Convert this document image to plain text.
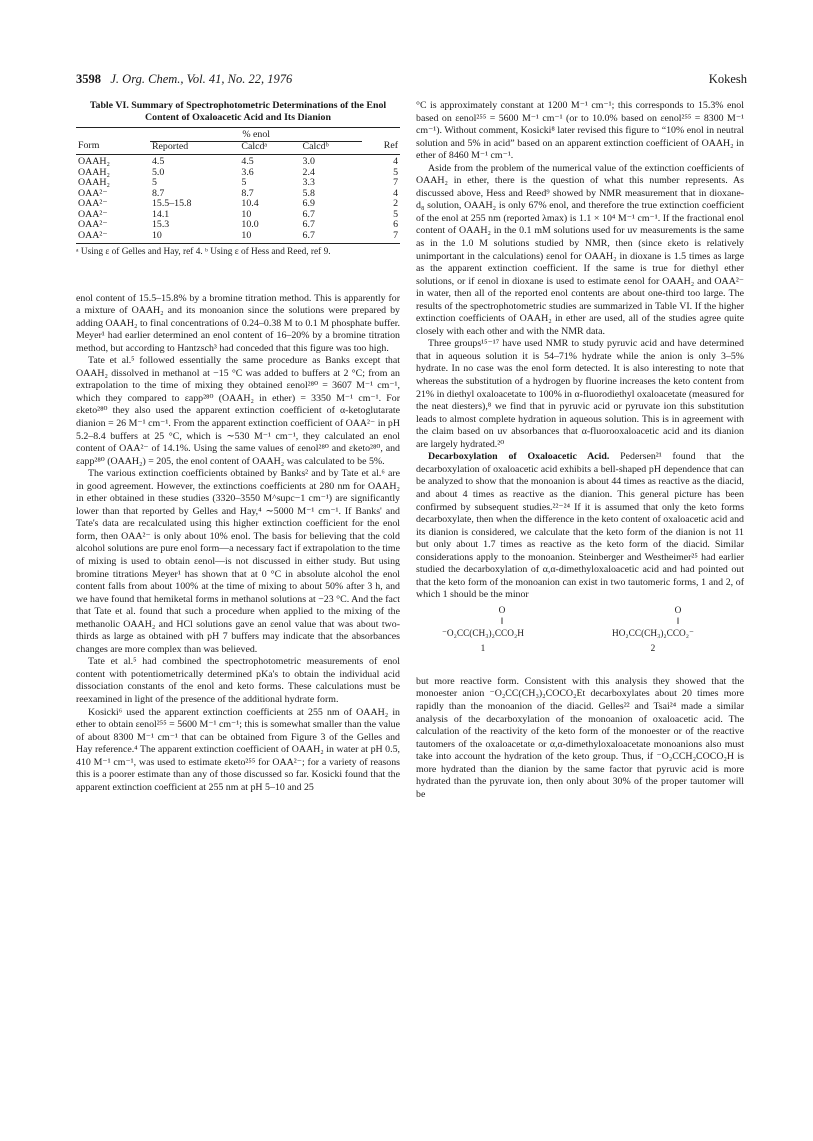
3598 J. Org. Chem., Vol. 41, No. 22, 1976	Kokesh
Table VI. Summary of Spectrophotometric Determinations of the Enol Content of Oxaloacetic Acid and Its Dianion
	% enol			
Form	Reported	Calcdᵃ	Calcdᵇ	Ref
OAAH₂	4.5	4.5	3.0	4
OAAH₂	5.0	3.6	2.4	5
OAAH₂	5	5	3.3	7
OAA²⁻	8.7	8.7	5.8	4
OAA²⁻	15.5–15.8	10.4	6.9	2
OAA²⁻	14.1	10	6.7	5
OAA²⁻	15.3	10.0	6.7	6
OAA²⁻	10	10	6.7	7
ᵃ Using ε of Gelles and Hay, ref 4. ᵇ Using ε of Hess and Reed, ref 9.

enol content of 15.5–15.8% by a bromine titration method. This is apparently for a mixture of OAAH₂ and its monoanion since the solutions were prepared by adding OAAH₂ to final concentrations of 0.24–0.38 M to 0.1 M phosphate buffer. Meyer¹ had earlier determined an enol content of 16–20% by a bromine titration method, but according to Hantzsch³ had conceded that this figure was too high.

Tate et al.⁵ followed essentially the same procedure as Banks except that OAAH₂ dissolved in methanol at −15 °C was added to buffers at 2 °C; from an extrapolation to the time of mixing they obtained εenol²⁸⁰ = 3607 M⁻¹ cm⁻¹, which they compared to εapp²⁸⁰ (OAAH₂ in ether) = 3350 M⁻¹ cm⁻¹. For εketo²⁸⁰ they also used the apparent extinction coefficient of α-ketoglutarate dianion = 26 M⁻¹ cm⁻¹. From the apparent extinction coefficient of OAA²⁻ in pH 5.2–8.4 buffers at 25 °C, which is ∼530 M⁻¹ cm⁻¹, they calculated an enol content of OAA²⁻ of 14.1%. Using the same values of εenol²⁸⁰ and εketo²⁸⁰, and εapp²⁸⁰ (OAAH₂) = 205, the enol content of OAAH₂ was calculated to be 5%.

The various extinction coefficients obtained by Banks² and by Tate et al.⁶ are in good agreement. However, the extinctions coefficients at 280 nm for OAAH₂ in ether obtained in these studies (3320–3550 M^supc−1 cm⁻¹) are significantly lower than that reported by Gelles and Hay,⁴ ∼5000 M⁻¹ cm⁻¹. If Banks' and Tate's data are recalculated using this higher extinction coefficient for the enol form, then OAA²⁻ is only about 10% enol. The basis for believing that the cold alcohol solutions are pure enol form—a necessary fact if extrapolation to the time of mixing is used to obtain εenol—is not discussed in either study. But using bromine titrations Meyer¹ has shown that at 0 °C in absolute alcohol the enol content falls from about 100% at the time of mixing to about 50% after 3 h, and we have found that hemiketal forms in methanol solutions at −23 °C. And the fact that Tate et al. found that such a procedure when applied to the mixing of the methanolic OAAH₂ and HCl solutions gave an εenol value that was about two-thirds as large as obtained with pH 7 buffers may indicate that the absorbances changes are more complex than was believed.

Tate et al.⁵ had combined the spectrophotometric measurements of enol content with potentiometrically determined pKa's to obtain the individual acid dissociation constants of the enol and keto forms. These calculations must be reexamined in light of the presence of the additional hydrate form.

Kosicki⁶ used the apparent extinction coefficients at 255 nm of OAAH₂ in ether to obtain εenol²⁵⁵ = 5600 M⁻¹ cm⁻¹; this is somewhat smaller than the value of about 8300 M⁻¹ cm⁻¹ that can be obtained from Figure 3 of the Gelles and Hay reference.⁴ The apparent extinction coefficient of OAAH₂ in water at pH 0.5, 410 M⁻¹ cm⁻¹, was used to estimate εketo²⁵⁵ for OAA²⁻; for a variety of reasons this is a poorer estimate than any of those discussed so far. Kosicki found that the apparent extinction coefficient at 255 nm at pH 5–10 and 25

°C is approximately constant at 1200 M⁻¹ cm⁻¹; this corresponds to 15.3% enol based on εenol²⁵⁵ = 5600 M⁻¹ cm⁻¹ (or to 10.0% based on εenol²⁵⁵ = 8300 M⁻¹ cm⁻¹). Without comment, Kosicki⁸ later revised this figure to “10% enol in neutral solution and 5% in acid” based on an apparent extinction coefficient of OAAH₂ in ether of 8460 M⁻¹ cm⁻¹.

Aside from the problem of the numerical value of the extinction coefficients of OAAH₂ in ether, there is the question of what this number represents. As discussed above, Hess and Reed⁹ showed by NMR measurement that in dioxane-d₈ solution, OAAH₂ is only 67% enol, and therefore the true extinction coefficient of the enol at 255 nm (reported λmax) is 1.1 × 10⁴ M⁻¹ cm⁻¹. If the fractional enol content of OAAH₂ in the 0.1 mM solutions used for uv measurements is the same as in the 1.0 M solutions studied by NMR, then (since εketo is relatively unimportant in the calculations) εenol for OAAH₂ in dioxane is 1.5 times as large as the apparent extinction coefficient. If the same is true for diethyl ether solutions, or if εenol in dioxane is used to estimate εenol for OAAH₂ and OAA²⁻ in water, then all of the reported enol contents are about one-third too large. The results of the spectrophotometric studies are summarized in Table VI. If the higher extinction coefficients of OAAH₂ in ether are used, all of the studies agree quite closely with each other and with the NMR data.

Three groups¹⁵⁻¹⁷ have used NMR to study pyruvic acid and have determined that in aqueous solution it is 54–71% hydrate while the anion is only 3–5% hydrate. In no case was the enol form detected. It is also interesting to note that whereas the substitution of a hydrogen by fluorine increases the keto content from 21% in diethyl oxaloacetate to 100% in α-fluorodiethyl oxaloacetate (measured for the neat diesters),⁸ we find that in pyruvic acid or pyruvate ion this substitution leads to almost complete hydration in aqueous solution. This is in agreement with the claim based on uv absorbances that α-fluorooxaloacetic acid and its dianion are largely hydrated.²⁰

Decarboxylation of Oxaloacetic Acid. Pedersen²¹ found that the decarboxylation of oxaloacetic acid exhibits a bell-shaped pH dependence that can be analyzed to show that the monoanion is about 44 times as reactive as the diacid, and about 4 times as reactive as the dianion. This general picture has been confirmed by subsequent studies.²²⁻²⁴ If it is assumed that only the keto forms decarboxylate, then when the difference in the keto content of oxaloacetic acid and its dianion is considered, we calculate that the keto form of the dianion is not 11 but only about 1.7 times as reactive as the keto form of the diacid. Similar considerations apply to the monoanion. Steinberger and Westheimer²⁵ had earlier studied the decarboxylation of α,α-dimethyloxaloacetic acid and had pointed out that the keto form of the monoanion can exist in two tautomeric forms, 1 and 2, of which 1 should be the minor

O
‖
⁻O₂CC(CH₃)₂CCO₂H
1
O
‖
HO₂CC(CH₃)₂CCO₂⁻
2

but more reactive form. Consistent with this analysis they showed that the monoester anion ⁻O₂CC(CH₃)₂COCO₂Et decarboxylates about 20 times more rapidly than the monoanion of the diacid. Gelles²² and Tsai²⁴ made a similar analysis of the decarboxylation of the monoanion of oxaloacetic acid. The calculation of the reactivity of the keto form of the monoester or of the reactive tautomers of the oxaloacetate or α,α-dimethyloxaloacetate monoanions also must take into account the hydration of the keto group. Thus, if ⁻O₂CCH₂COCO₂H is more hydrated than the dianion by the same factor that pyruvic acid is more hydrated than the pyruvate ion, then only about 30% of the proper tautomer will be
